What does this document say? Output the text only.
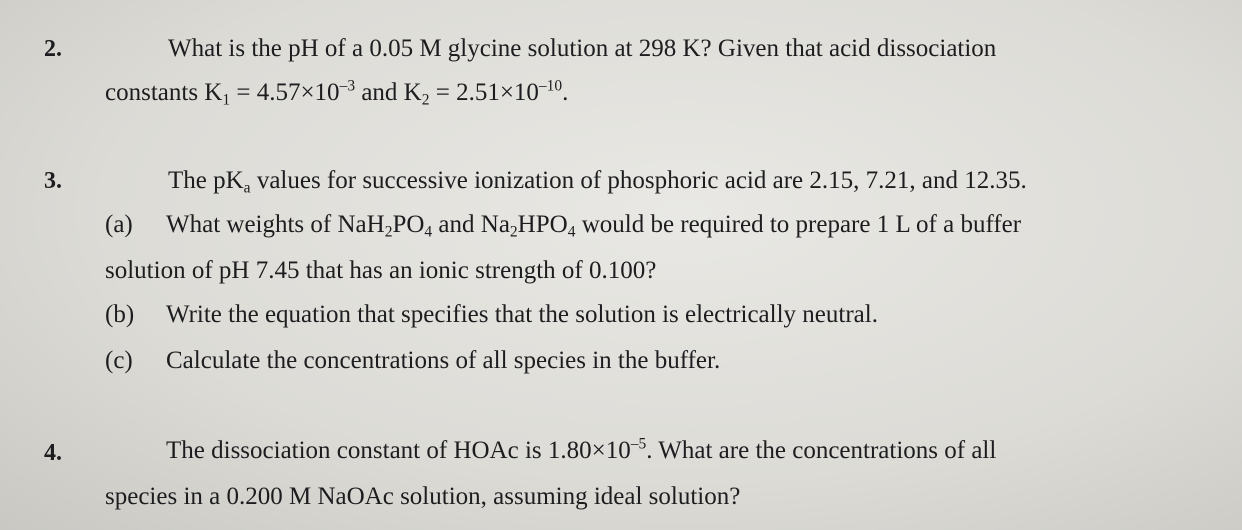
2.	What is the pH of a 0.05 M glycine solution at 298 K? Given that acid dissociation
constants $K_1 = 4.57\times 10^{-3}$ and $K_2 = 2.51\times 10^{-10}$.
3.	The $pK_a$ values for successive ionization of phosphoric acid are 2.15, 7.21, and 12.35.
(a) What weights of $NaH_2PO_4$ and $Na_2HPO_4$ would be required to prepare 1 L of a buffer
solution of pH 7.45 that has an ionic strength of 0.100?
(b) Write the equation that specifies that the solution is electrically neutral.
(c) Calculate the concentrations of all species in the buffer.
4.	The dissociation constant of HOAc is $1.80\times 10^{-5}$. What are the concentrations of all
species in a 0.200 M NaOAc solution, assuming ideal solution?
